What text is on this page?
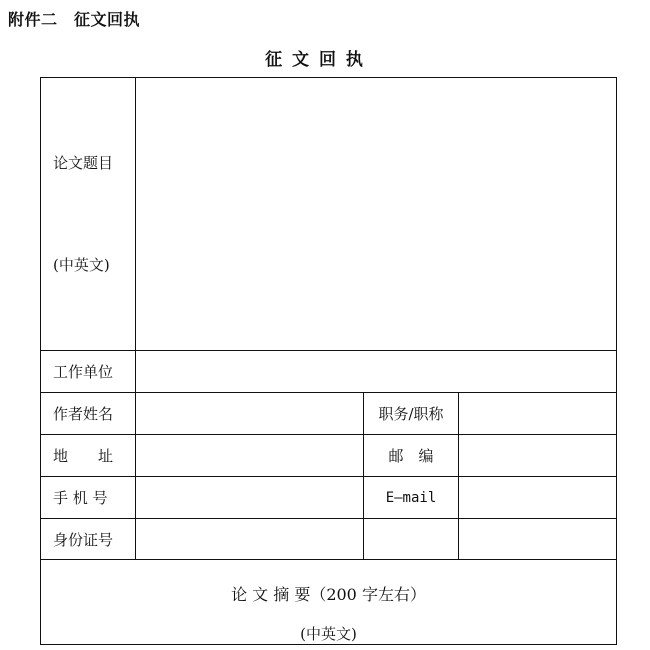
附件二　征文回执
征 文 回 执

论文题目

(中英文)			

工作单位			
作者姓名		职务/职称	
地　　址		邮　编	
手 机 号		E—mail	
身份证号			

论 文 摘 要（200 字左右）
(中英文)			
